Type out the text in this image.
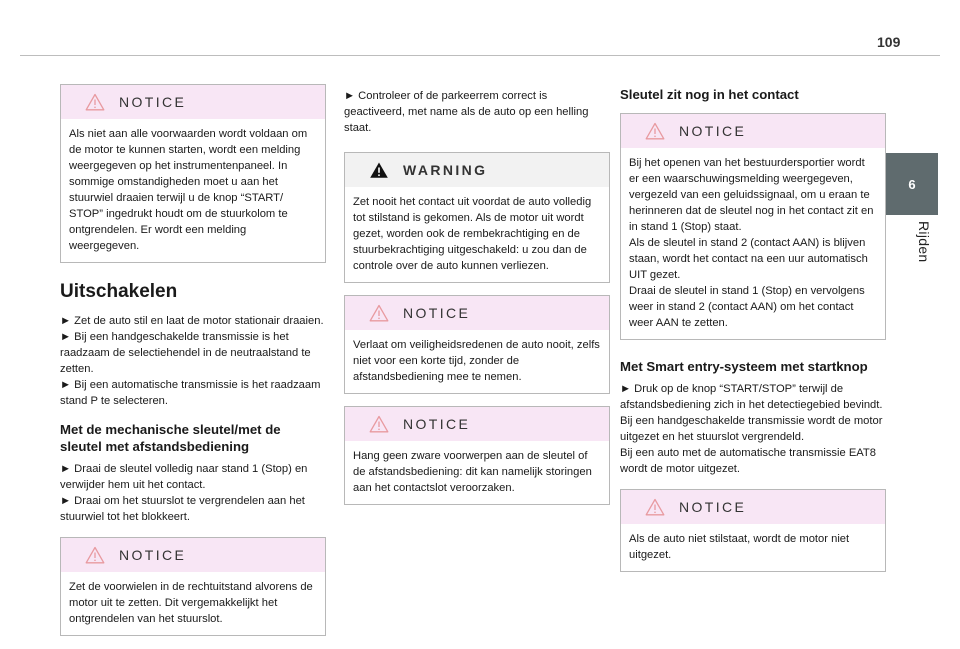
109
6
Rijden
NOTICE
Als niet aan alle voorwaarden wordt voldaan om de motor te kunnen starten, wordt een melding weergegeven op het instrumentenpaneel. In sommige omstandigheden moet u aan het stuurwiel draaien terwijl u de knop “START/ STOP” ingedrukt houdt om de stuurkolom te ontgrendelen. Er wordt een melding weergegeven.
Uitschakelen

► Zet de auto stil en laat de motor stationair draaien.

► Bij een handgeschakelde transmissie is het raadzaam de selectiehendel in de neutraalstand te zetten.

► Bij een automatische transmissie is het raadzaam stand P te selecteren.

Met de mechanische sleutel/met de sleutel met afstandsbediening

► Draai de sleutel volledig naar stand 1 (Stop) en verwijder hem uit het contact.

► Draai om het stuurslot te vergrendelen aan het stuurwiel tot het blokkeert.

NOTICE
Zet de voorwielen in de rechtuitstand alvorens de motor uit te zetten. Dit vergemakkelijkt het ontgrendelen van het stuurslot.
► Controleer of de parkeerrem correct is geactiveerd, met name als de auto op een helling staat.
WARNING
Zet nooit het contact uit voordat de auto volledig tot stilstand is gekomen. Als de motor uit wordt gezet, worden ook de rembekrachtiging en de stuurbekrachtiging uitgeschakeld: u zou dan de controle over de auto kunnen verliezen.
NOTICE
Verlaat om veiligheidsredenen de auto nooit, zelfs niet voor een korte tijd, zonder de afstandsbediening mee te nemen.
NOTICE
Hang geen zware voorwerpen aan de sleutel of de afstandsbediening: dit kan namelijk storingen aan het contactslot veroorzaken.
Sleutel zit nog in het contact
NOTICE
Bij het openen van het bestuurdersportier wordt er een waarschuwingsmelding weergegeven, vergezeld van een geluidssignaal, om u eraan te herinneren dat de sleutel nog in het contact zit en in stand 1 (Stop) staat.
Als de sleutel in stand 2 (contact AAN) is blijven staan, wordt het contact na een uur automatisch UIT gezet.
Draai de sleutel in stand 1 (Stop) en vervolgens weer in stand 2 (contact AAN) om het contact weer AAN te zetten.
Met Smart entry-systeem met startknop

► Druk op de knop “START/STOP” terwijl de afstandsbediening zich in het detectiegebied bevindt.

Bij een handgeschakelde transmissie wordt de motor uitgezet en het stuurslot vergrendeld.

Bij een auto met de automatische transmissie EAT8 wordt de motor uitgezet.

NOTICE
Als de auto niet stilstaat, wordt de motor niet uitgezet.
